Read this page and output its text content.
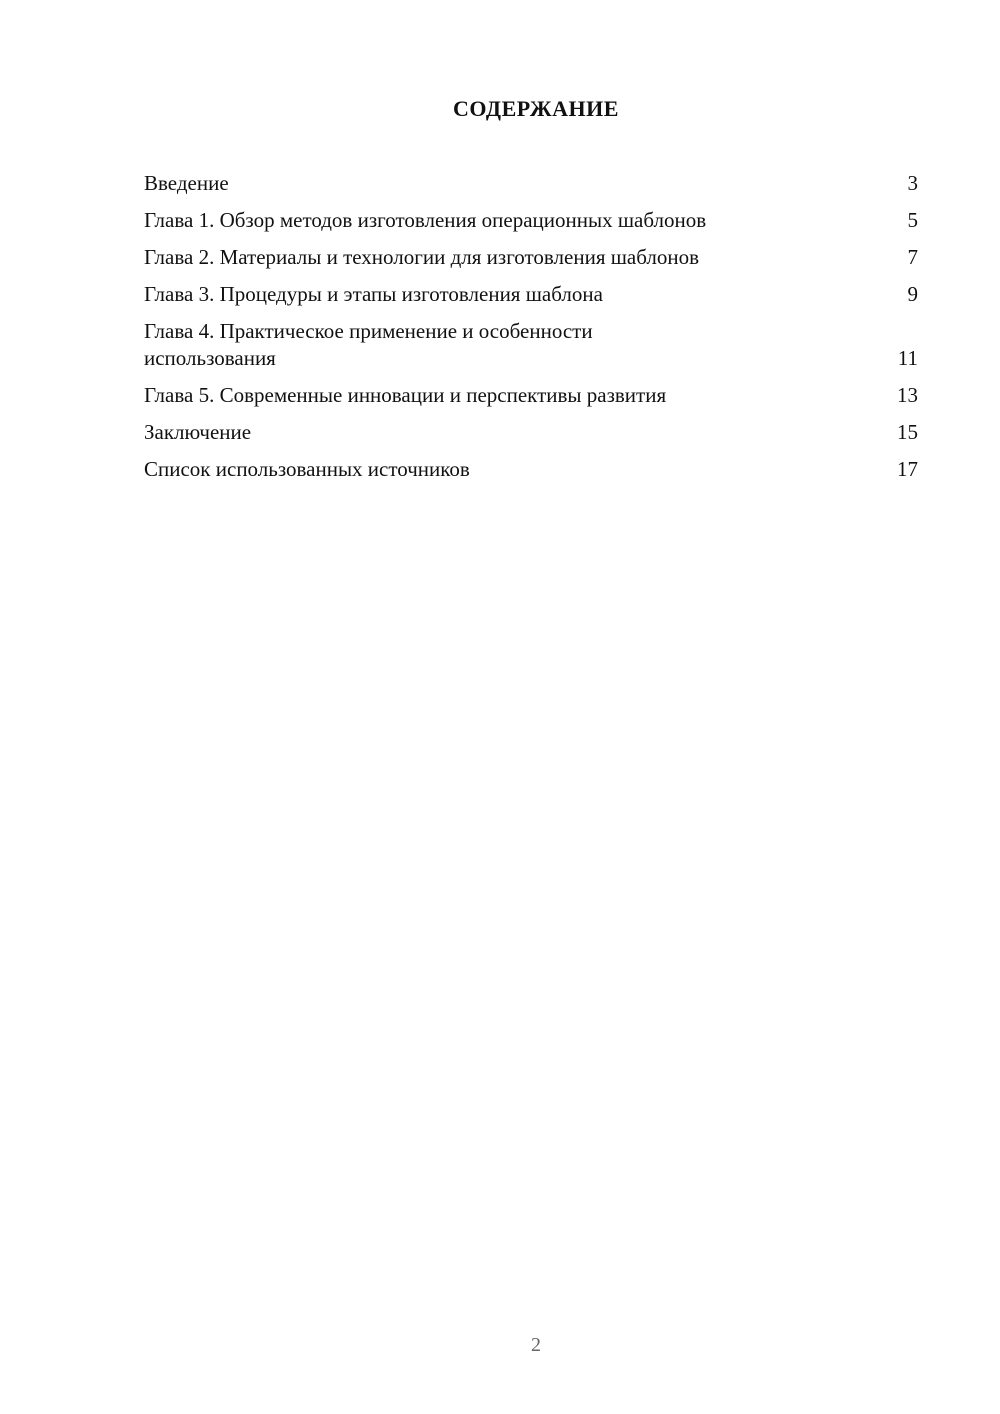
СОДЕРЖАНИЕ
Введение	3
Глава 1. Обзор методов изготовления операционных шаблонов	5
Глава 2. Материалы и технологии для изготовления шаблонов	7
Глава 3. Процедуры и этапы изготовления шаблона	9
Глава 4. Практическое применение и особенности использования	11
Глава 5. Современные инновации и перспективы развития	13
Заключение	15
Список использованных источников	17
2
